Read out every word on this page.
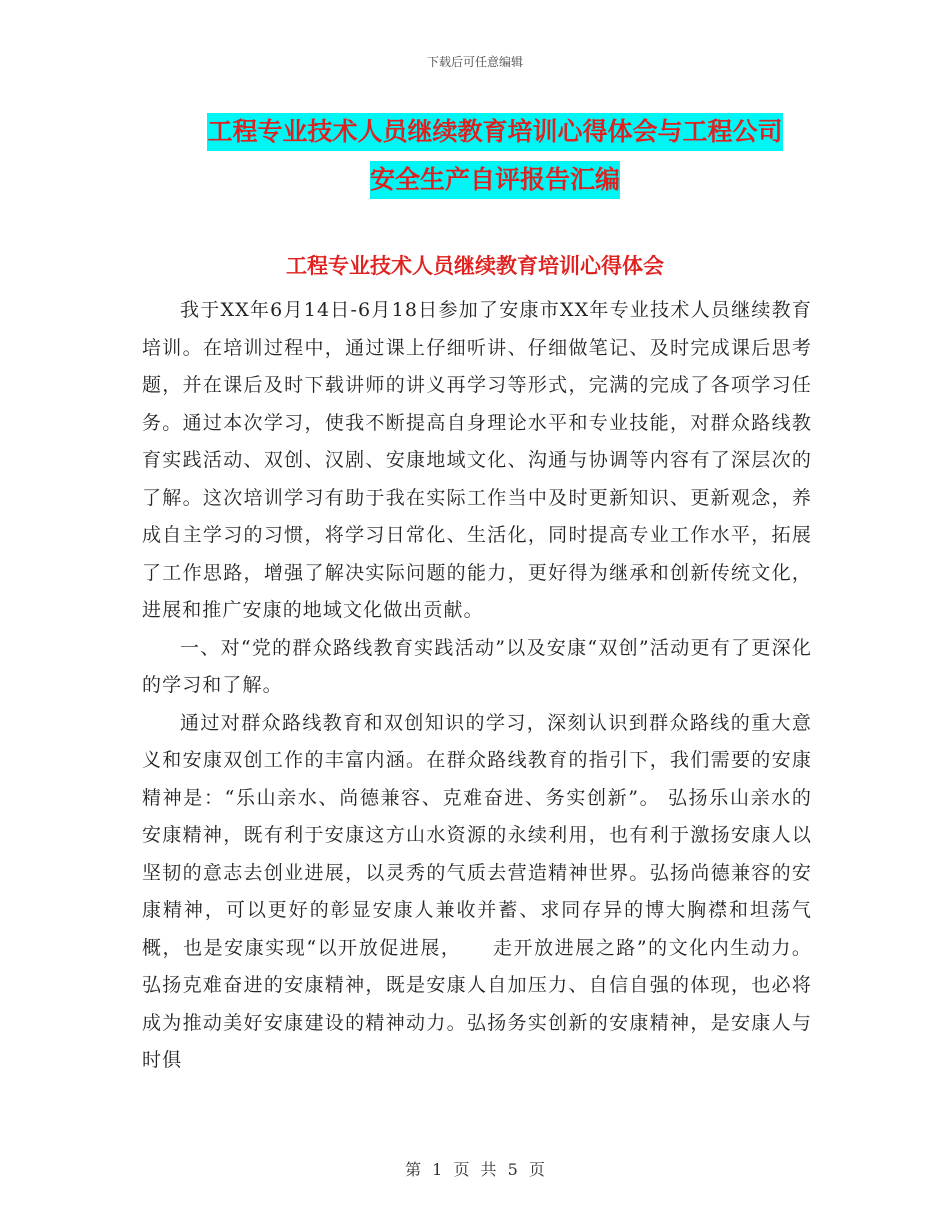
下载后可任意编辑
工程专业技术人员继续教育培训心得体会与工程公司
安全生产自评报告汇编
工程专业技术人员继续教育培训心得体会

我于XX年6月14日-6月18日参加了安康市XX年专业技术人员继续教育培训。在培训过程中，通过课上仔细听讲、仔细做笔记、及时完成课后思考题，并在课后及时下载讲师的讲义再学习等形式，完满的完成了各项学习任务。通过本次学习，使我不断提高自身理论水平和专业技能，对群众路线教育实践活动、双创、汉剧、安康地域文化、沟通与协调等内容有了深层次的了解。这次培训学习有助于我在实际工作当中及时更新知识、更新观念，养成自主学习的习惯，将学习日常化、生活化，同时提高专业工作水平，拓展了工作思路，增强了解决实际问题的能力，更好得为继承和创新传统文化，进展和推广安康的地域文化做出贡献。

一、对“党的群众路线教育实践活动”以及安康“双创”活动更有了更深化的学习和了解。

通过对群众路线教育和双创知识的学习，深刻认识到群众路线的重大意义和安康双创工作的丰富内涵。在群众路线教育的指引下，我们需要的安康精神是：“乐山亲水、尚德兼容、克难奋进、务实创新”。 弘扬乐山亲水的安康精神，既有利于安康这方山水资源的永续利用，也有利于激扬安康人以坚韧的意志去创业进展，以灵秀的气质去营造精神世界。弘扬尚德兼容的安康精神，可以更好的彰显安康人兼收并蓄、求同存异的博大胸襟和坦荡气概，也是安康实现“以开放促进展，　　走开放进展之路”的文化内生动力。弘扬克难奋进的安康精神，既是安康人自加压力、自信自强的体现，也必将成为推动美好安康建设的精神动力。弘扬务实创新的安康精神，是安康人与时俱

第 1 页 共 5 页
